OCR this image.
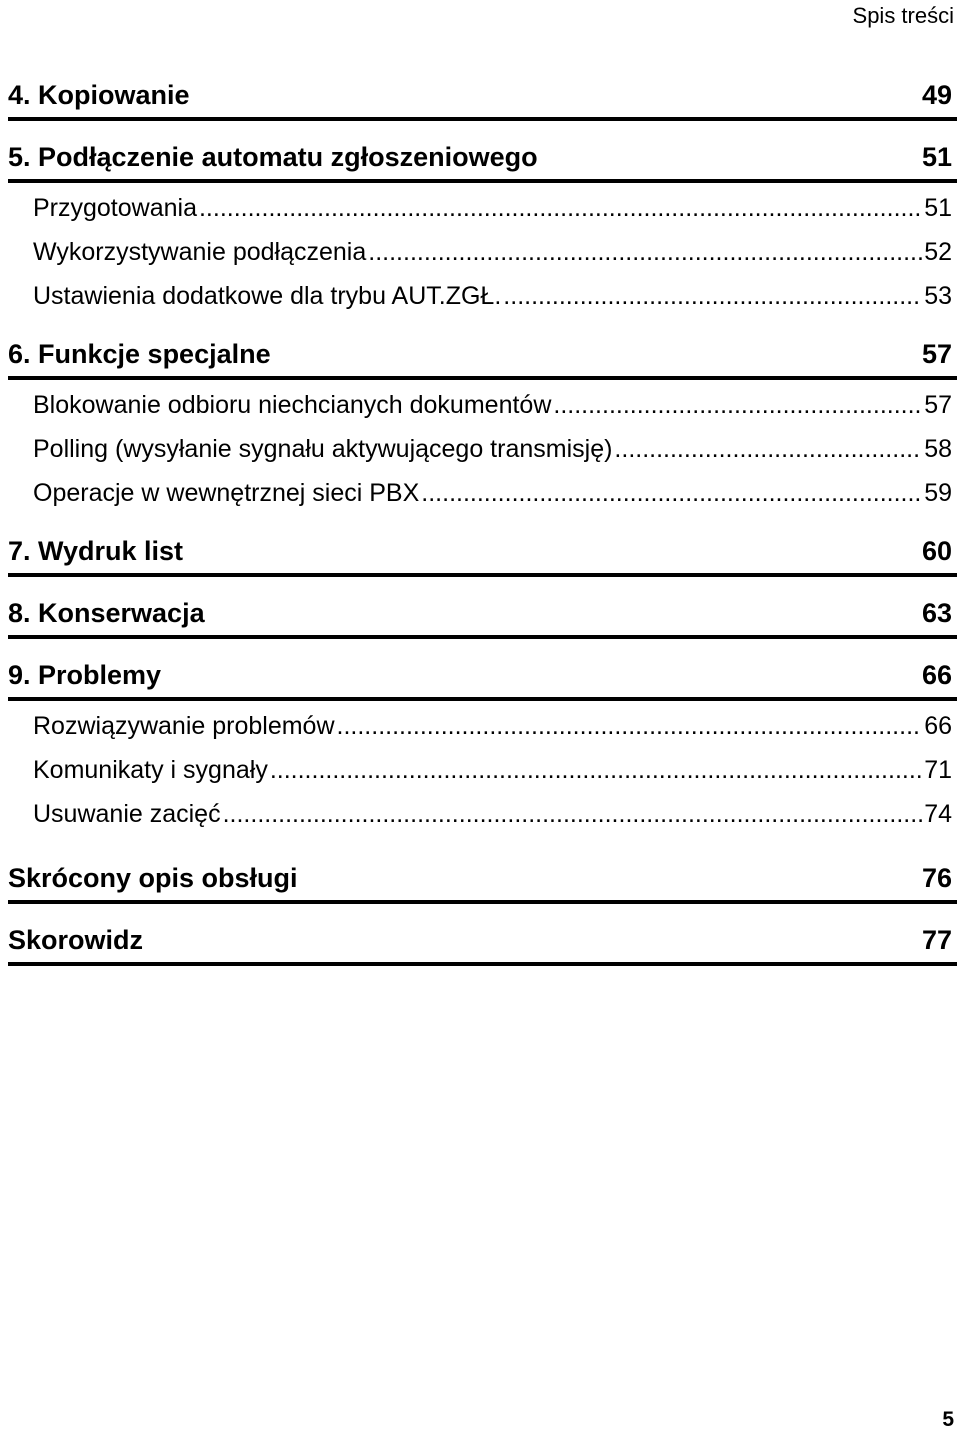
Spis treści
4. Kopiowanie	49
5. Podłączenie automatu zgłoszeniowego	51
Przygotowania .....	51
Wykorzystywanie podłączenia .....	52
Ustawienia dodatkowe dla trybu AUT.ZGŁ. .....	53
6. Funkcje specjalne	57
Blokowanie odbioru niechcianych dokumentów .....	57
Polling (wysyłanie sygnału aktywującego transmisję) .....	58
Operacje w wewnętrznej sieci PBX .....	59
7. Wydruk list	60
8. Konserwacja	63
9. Problemy	66
Rozwiązywanie problemów .....	66
Komunikaty i sygnały .....	71
Usuwanie zacięć .....	74
Skrócony opis obsługi	76
Skorowidz	77
5
